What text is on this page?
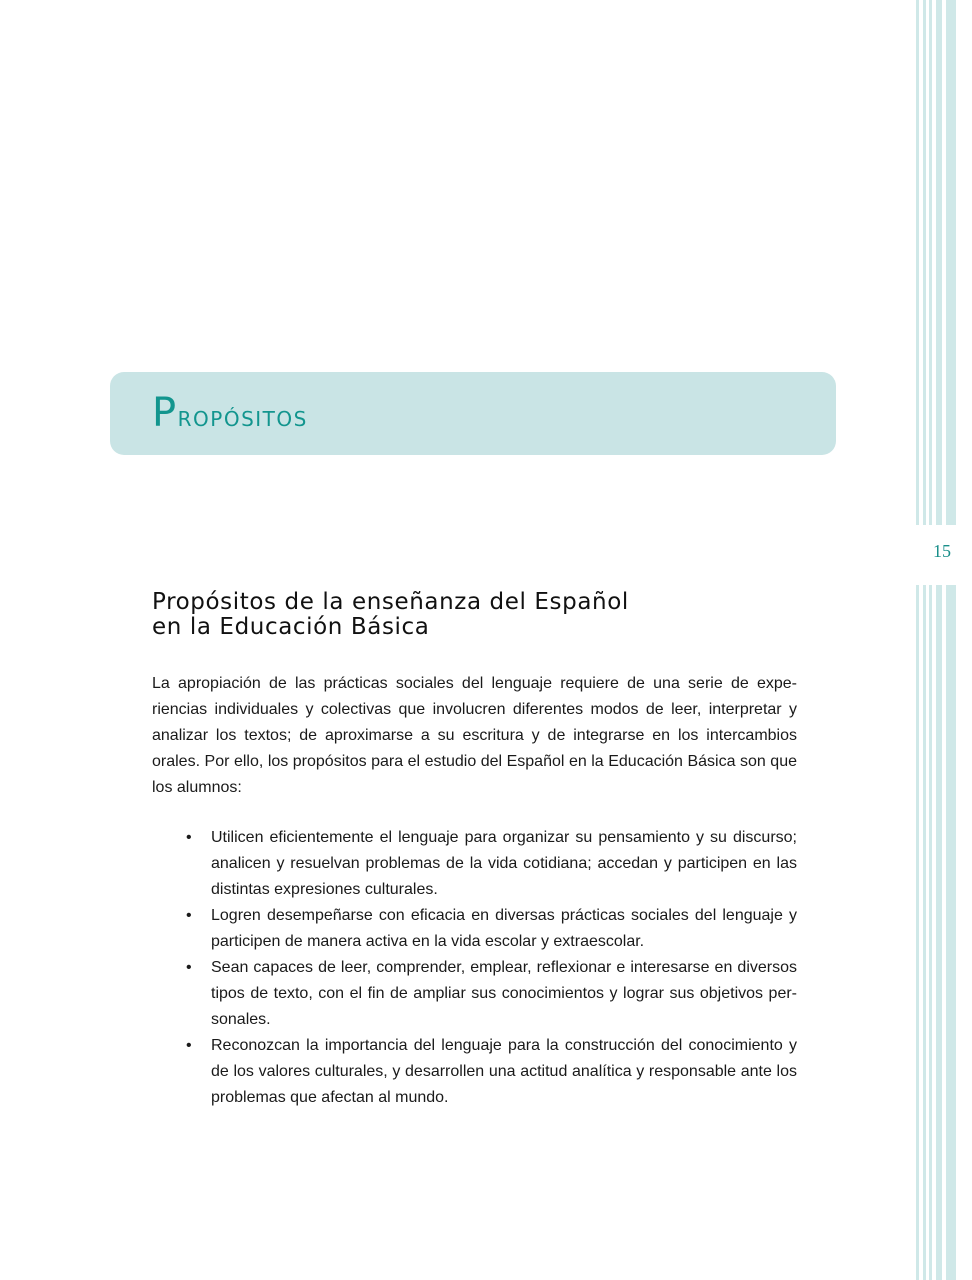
15
Propósitos
Propósitos de la enseñanza del Español
en la Educación Básica

La apropiación de las prácticas sociales del lenguaje requiere de una serie de expe-riencias individuales y colectivas que involucren diferentes modos de leer, interpretar y analizar los textos; de aproximarse a su escritura y de integrarse en los intercambios orales. Por ello, los propósitos para el estudio del Español en la Educación Básica son que los alumnos:

• Utilicen eficientemente el lenguaje para organizar su pensamiento y su discurso; analicen y resuelvan problemas de la vida cotidiana; accedan y participen en las distintas expresiones culturales.
• Logren desempeñarse con eficacia en diversas prácticas sociales del lenguaje y participen de manera activa en la vida escolar y extraescolar.
• Sean capaces de leer, comprender, emplear, reflexionar e interesarse en diversos tipos de texto, con el fin de ampliar sus conocimientos y lograr sus objetivos per-sonales.
• Reconozcan la importancia del lenguaje para la construcción del conocimiento y de los valores culturales, y desarrollen una actitud analítica y responsable ante los problemas que afectan al mundo.
